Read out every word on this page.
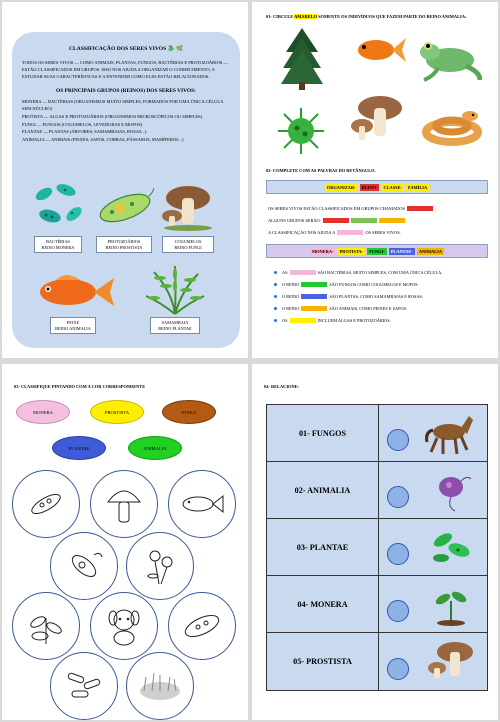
CLASSIFICAÇÃO DOS SERES VIVOS 🐉 🌿

TODOS OS SERES VIVOS — COMO ANIMAIS, PLANTAS, FUNGOS, BACTÉRIAS E PROTOZOÁRIOS — ESTÃO CLASSIFICADOS EM GRUPOS. ISSO NOS AJUDA A ORGANIZAR O CONHECIMENTO, A ESTUDAR SUAS CARACTERÍSTICAS E A ENTENDER COMO ELES ESTÃO RELACIONADOS.

OS PRINCIPAIS GRUPOS (REINOS) DOS SERES VIVOS:

MONERA — BACTÉRIAS (ORGANISMOS MUITO SIMPLES, FORMADOS POR UMA ÚNICA CÉLULA SEM NÚCLEO)

PROTISTA — ALGAS E PROTOZOÁRIOS (ORGANISMOS MICROSCÓPICOS OU SIMPLES)

FUNGI — FUNGOS (COGUMELOS, LEVEDURAS E MOFOS)

PLANTAE — PLANTAS (ÁRVORES, SAMAMBAIAS, ROSAS...)

ANIMALIA — ANIMAIS (PEIXES, SAPOS, COBRAS, PÁSSAROS, MAMÍFEROS...)

BACTÉRIAS
REINO MONERA
PROTOZOÁRIOS
REINO PROSTISTA
COGUMELOS
REINO FUNGI
PEIXE
REINO ANIMALIA
SAMAMBAIA
REINO PLANTAE
01- CIRCULE AMARELO SOMENTE OS INDIVÍDUOS QUE FAZEM PARTE DO REINO ANIMALIA:
02- COMPLETE COM AS PALVRAS DO RETÂNGULO.
ORGANIZAR-	REINO-	CLASSE-	FAMÍLIA
OS SERES VIVOS ESTÃO CLASSIFICADOS EM GRUPOS CHAMADOS
ALGUNS GRUPOS SERÃO:
A CLASSIFICAÇÃO NOS AJUDA A	OS SERES VIVOS.
MONERA-	PROTISTA-	FUNGI-	PLANTAE-	ANIMALIA
AS	SÃO BACTÉRIAS, MUITO SIMPLES, COM UMA ÚNICA CÉLULA.
O REINO	SÃO FUNGOS COMO COGUMELOS E MOFOS.
O REINO	SÃO PLANTAS, COMO SAMAMBAIAS E ROSAS.
O REINO	SÃO ANIMAIS, COMO PEIXES E SAPOS.
OS	INCLUEM ALGAS E PROTOZOÁRIOS.
03- CLASSIFIQUE PINTANDO COM A COR CORRESPONDENTE
MONERA	PROSTISTA	FUNGI
PLANTAE	ANIMALIA
04- RELACIONE:
01- FUNGOS
02- ANIMALIA
03- PLANTAE
04- MONERA
05- PROSTISTA
